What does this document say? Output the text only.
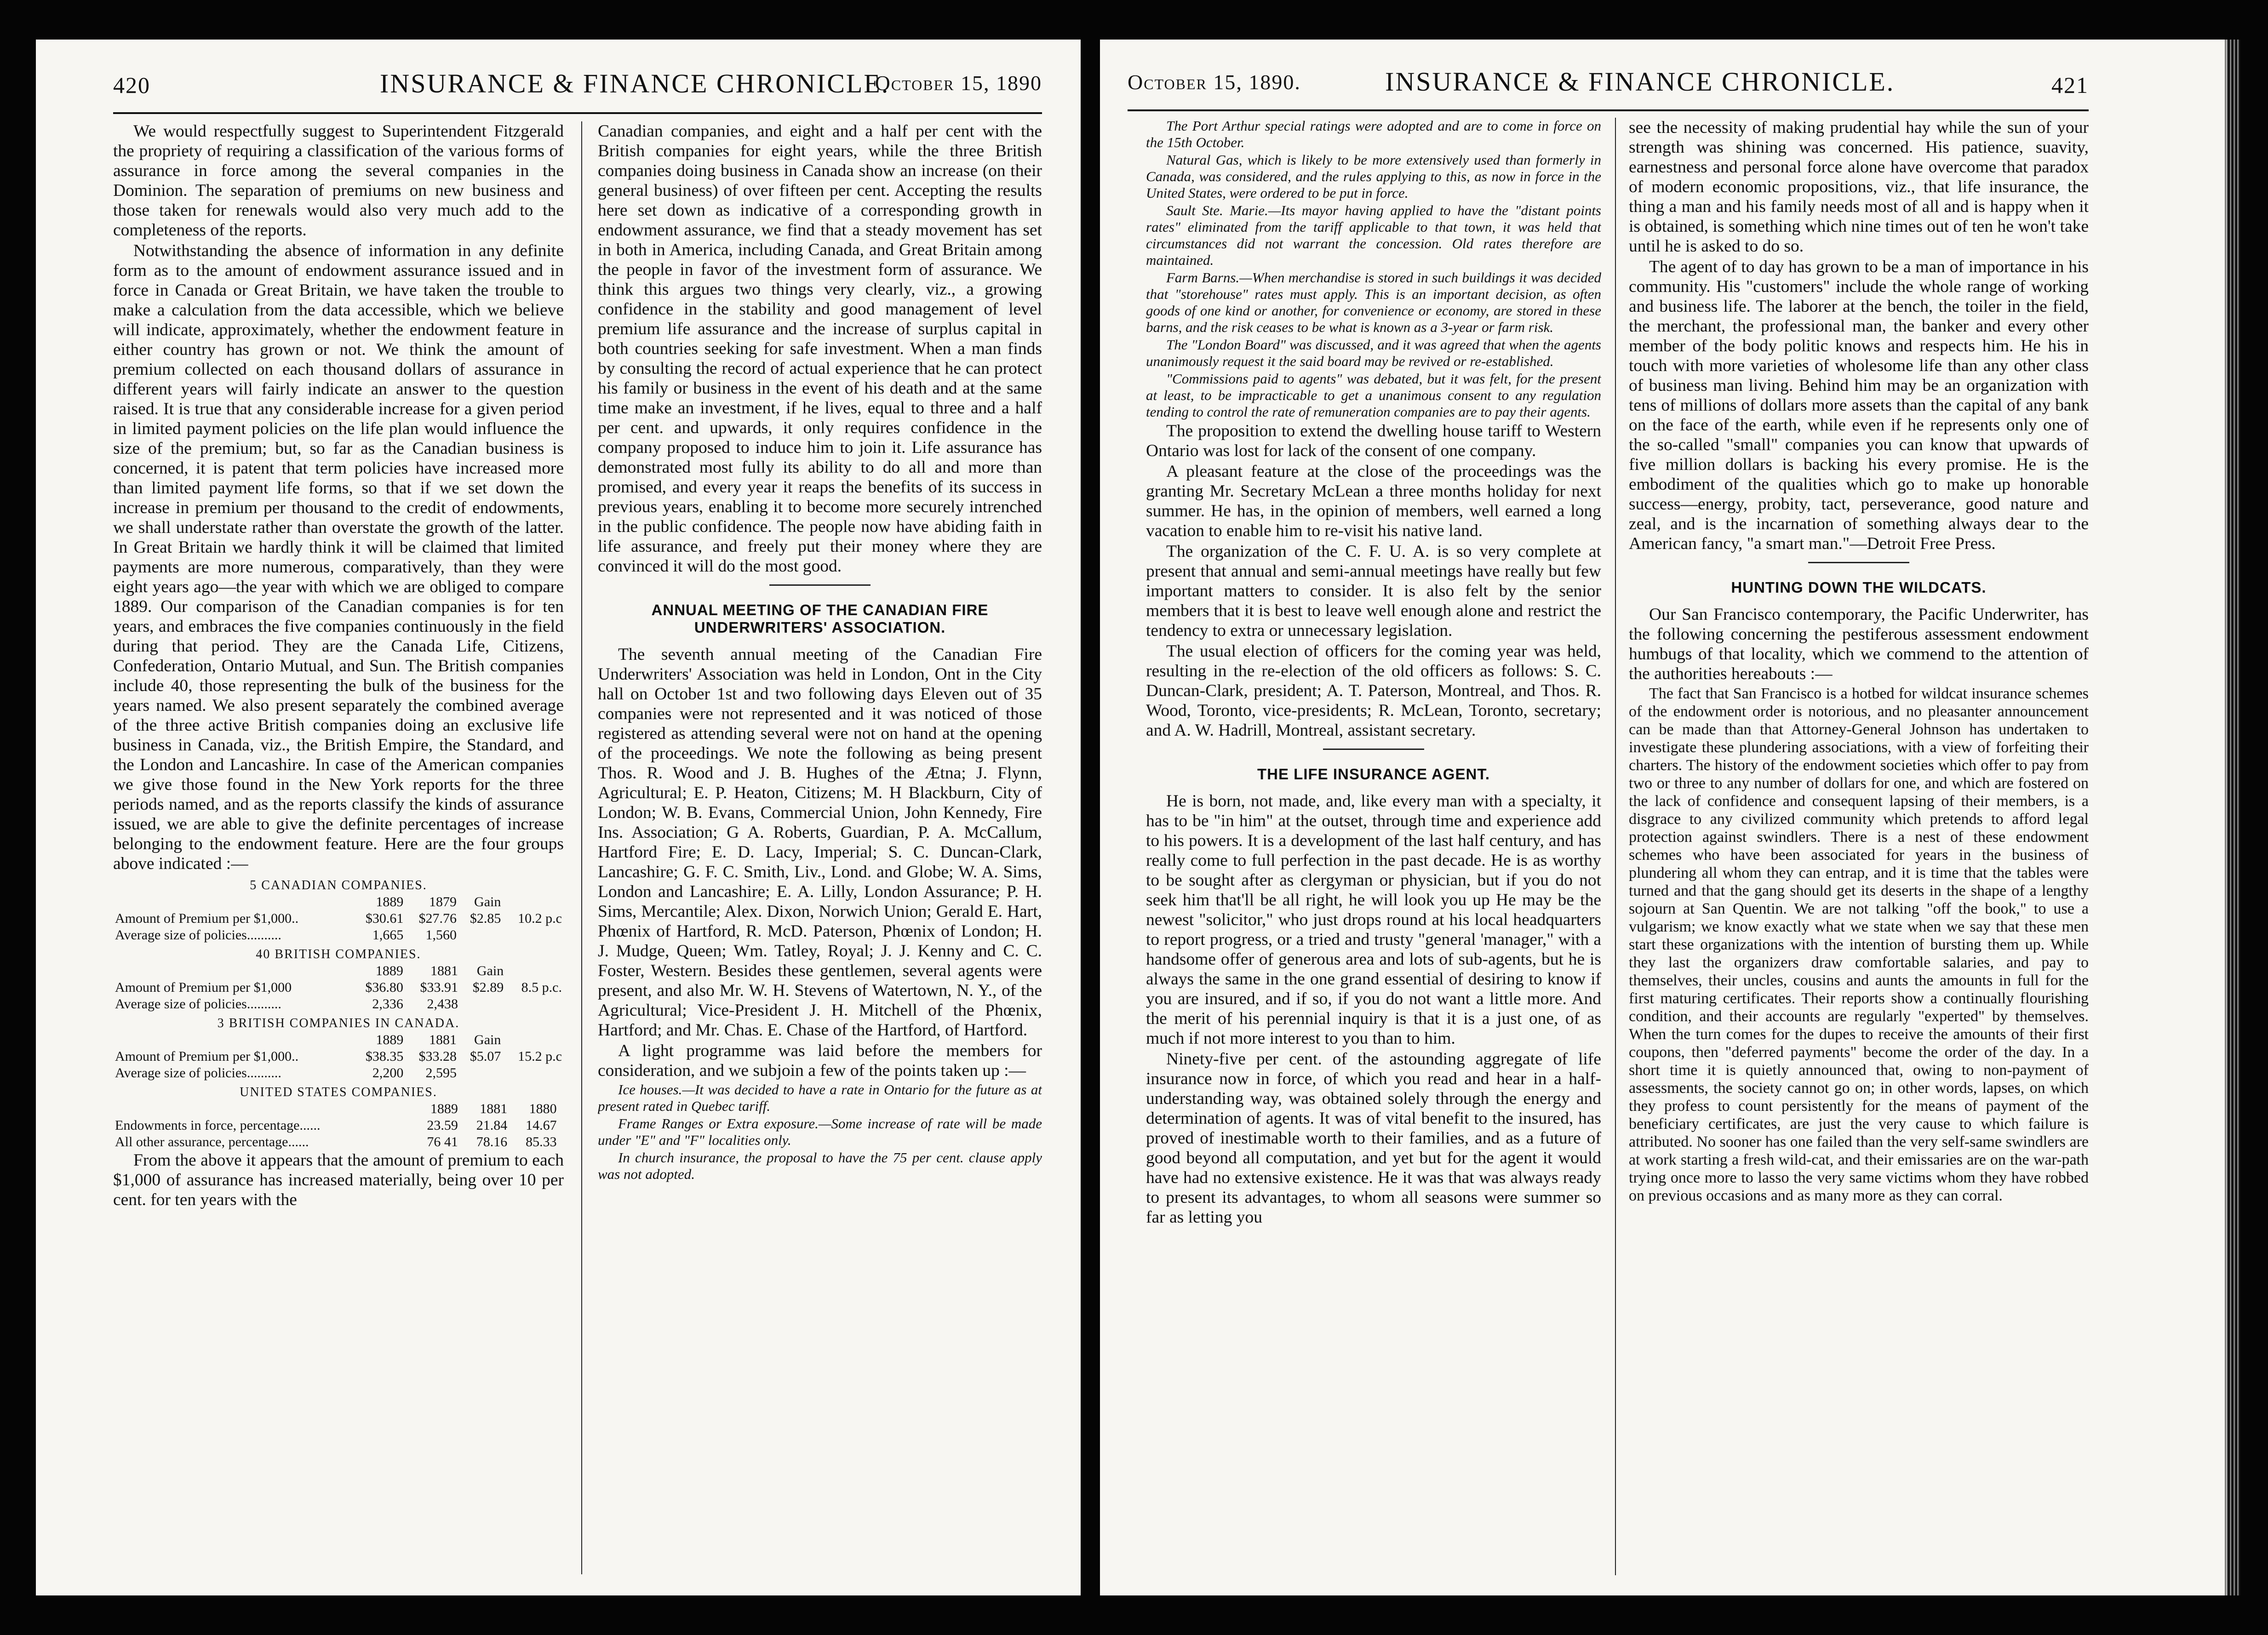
420	INSURANCE & FINANCE CHRONICLE.
October 15, 1890

We would respectfully suggest to Superintendent Fitzgerald the propriety of requiring a classification of the various forms of assurance in force among the several companies in the Dominion. The separation of premiums on new business and those taken for renewals would also very much add to the completeness of the reports.

Notwithstanding the absence of information in any definite form as to the amount of endowment assurance issued and in force in Canada or Great Britain, we have taken the trouble to make a calculation from the data accessible, which we believe will indicate, approximately, whether the endowment feature in either country has grown or not. We think the amount of premium collected on each thousand dollars of assurance in different years will fairly indicate an answer to the question raised. It is true that any considerable increase for a given period in limited payment policies on the life plan would influence the size of the premium; but, so far as the Canadian business is concerned, it is patent that term policies have increased more than limited payment life forms, so that if we set down the increase in premium per thousand to the credit of endowments, we shall understate rather than overstate the growth of the latter. In Great Britain we hardly think it will be claimed that limited payments are more numerous, comparatively, than they were eight years ago—the year with which we are obliged to compare 1889. Our comparison of the Canadian companies is for ten years, and embraces the five companies continuously in the field during that period. They are the Canada Life, Citizens, Confederation, Ontario Mutual, and Sun. The British companies include 40, those representing the bulk of the business for the years named. We also present separately the combined average of the three active British companies doing an exclusive life business in Canada, viz., the British Empire, the Standard, and the London and Lancashire. In case of the American companies we give those found in the New York reports for the three periods named, and as the reports classify the kinds of assurance issued, we are able to give the definite percentages of increase belonging to the endowment feature. Here are the four groups above indicated :—

5 CANADIAN COMPANIES.				
	1889	1879	Gain	
Amount of Premium per $1,000..	$30.61	$27.76	$2.85	10.2 p.c
Average size of policies..........	1,665	1,560		
40 BRITISH COMPANIES.				
	1889	1881	Gain	
Amount of Premium per $1,000	$36.80	$33.91	$2.89	8.5 p.c.
Average size of policies..........	2,336	2,438		
3 BRITISH COMPANIES IN CANADA.				
	1889	1881	Gain	
Amount of Premium per $1,000..	$38.35	$33.28	$5.07	15.2 p.c
Average size of policies..........	2,200	2,595		
UNITED STATES COMPANIES.				
	1889	1881	1880	
Endowments in force, percentage......	23.59	21.84	14.67	
All other assurance, percentage......	76 41	78.16	85.33	

From the above it appears that the amount of premium to each $1,000 of assurance has increased materially, being over 10 per cent. for ten years with the

Canadian companies, and eight and a half per cent with the British companies for eight years, while the three British companies doing business in Canada show an increase (on their general business) of over fifteen per cent. Accepting the results here set down as indicative of a corresponding growth in endowment assurance, we find that a steady movement has set in both in America, including Canada, and Great Britain among the people in favor of the investment form of assurance. We think this argues two things very clearly, viz., a growing confidence in the stability and good management of level premium life assurance and the increase of surplus capital in both countries seeking for safe investment. When a man finds by consulting the record of actual experience that he can protect his family or business in the event of his death and at the same time make an investment, if he lives, equal to three and a half per cent. and upwards, it only requires confidence in the company proposed to induce him to join it. Life assurance has demonstrated most fully its ability to do all and more than promised, and every year it reaps the benefits of its success in previous years, enabling it to become more securely intrenched in the public confidence. The people now have abiding faith in life assurance, and freely put their money where they are convinced it will do the most good.

ANNUAL MEETING OF THE CANADIAN FIRE UNDERWRITERS' ASSOCIATION.

The seventh annual meeting of the Canadian Fire Underwriters' Association was held in London, Ont in the City hall on October 1st and two following days Eleven out of 35 companies were not represented and it was noticed of those registered as attending several were not on hand at the opening of the proceedings. We note the following as being present Thos. R. Wood and J. B. Hughes of the Ætna; J. Flynn, Agricultural; E. P. Heaton, Citizens; M. H Blackburn, City of London; W. B. Evans, Commercial Union, John Kennedy, Fire Ins. Association; G A. Roberts, Guardian, P. A. McCallum, Hartford Fire; E. D. Lacy, Imperial; S. C. Duncan-Clark, Lancashire; G. F. C. Smith, Liv., Lond. and Globe; W. A. Sims, London and Lancashire; E. A. Lilly, London Assurance; P. H. Sims, Mercantile; Alex. Dixon, Norwich Union; Gerald E. Hart, Phœnix of Hartford, R. McD. Paterson, Phœnix of London; H. J. Mudge, Queen; Wm. Tatley, Royal; J. J. Kenny and C. C. Foster, Western. Besides these gentlemen, several agents were present, and also Mr. W. H. Stevens of Watertown, N. Y., of the Agricultural; Vice-President J. H. Mitchell of the Phœnix, Hartford; and Mr. Chas. E. Chase of the Hartford, of Hartford.

A light programme was laid before the members for consideration, and we subjoin a few of the points taken up :—

Ice houses.—It was decided to have a rate in Ontario for the future as at present rated in Quebec tariff.

Frame Ranges or Extra exposure.—Some increase of rate will be made under "E" and "F" localities only.

In church insurance, the proposal to have the 75 per cent. clause apply was not adopted.

October 15, 1890.	INSURANCE & FINANCE CHRONICLE.	421

The Port Arthur special ratings were adopted and are to come in force on the 15th October.

Natural Gas, which is likely to be more extensively used than formerly in Canada, was considered, and the rules applying to this, as now in force in the United States, were ordered to be put in force.

Sault Ste. Marie.—Its mayor having applied to have the "distant points rates" eliminated from the tariff applicable to that town, it was held that circumstances did not warrant the concession. Old rates therefore are maintained.

Farm Barns.—When merchandise is stored in such buildings it was decided that "storehouse" rates must apply. This is an important decision, as often goods of one kind or another, for convenience or economy, are stored in these barns, and the risk ceases to be what is known as a 3-year or farm risk.

The "London Board" was discussed, and it was agreed that when the agents unanimously request it the said board may be revived or re-established.

"Commissions paid to agents" was debated, but it was felt, for the present at least, to be impracticable to get a unanimous consent to any regulation tending to control the rate of remuneration companies are to pay their agents.

The proposition to extend the dwelling house tariff to Western Ontario was lost for lack of the consent of one company.

A pleasant feature at the close of the proceedings was the granting Mr. Secretary McLean a three months holiday for next summer. He has, in the opinion of members, well earned a long vacation to enable him to re-visit his native land.

The organization of the C. F. U. A. is so very complete at present that annual and semi-annual meetings have really but few important matters to consider. It is also felt by the senior members that it is best to leave well enough alone and restrict the tendency to extra or unnecessary legislation.

The usual election of officers for the coming year was held, resulting in the re-election of the old officers as follows: S. C. Duncan-Clark, president; A. T. Paterson, Montreal, and Thos. R. Wood, Toronto, vice-presidents; R. McLean, Toronto, secretary; and A. W. Hadrill, Montreal, assistant secretary.

THE LIFE INSURANCE AGENT.

He is born, not made, and, like every man with a specialty, it has to be "in him" at the outset, through time and experience add to his powers. It is a development of the last half century, and has really come to full perfection in the past decade. He is as worthy to be sought after as clergyman or physician, but if you do not seek him that'll be all right, he will look you up He may be the newest "solicitor," who just drops round at his local headquarters to report progress, or a tried and trusty "general 'manager," with a handsome offer of generous area and lots of sub-agents, but he is always the same in the one grand essential of desiring to know if you are insured, and if so, if you do not want a little more. And the merit of his perennial inquiry is that it is a just one, of as much if not more interest to you than to him.

Ninety-five per cent. of the astounding aggregate of life insurance now in force, of which you read and hear in a half-understanding way, was obtained solely through the energy and determination of agents. It was of vital benefit to the insured, has proved of inestimable worth to their families, and as a future of good beyond all computation, and yet but for the agent it would have had no extensive existence. He it was that was always ready to present its advantages, to whom all seasons were summer so far as letting you

see the necessity of making prudential hay while the sun of your strength was shining was concerned. His patience, suavity, earnestness and personal force alone have overcome that paradox of modern economic propositions, viz., that life insurance, the thing a man and his family needs most of all and is happy when it is obtained, is something which nine times out of ten he won't take until he is asked to do so.

The agent of to day has grown to be a man of importance in his community. His "customers" include the whole range of working and business life. The laborer at the bench, the toiler in the field, the merchant, the professional man, the banker and every other member of the body politic knows and respects him. He his in touch with more varieties of wholesome life than any other class of business man living. Behind him may be an organization with tens of millions of dollars more assets than the capital of any bank on the face of the earth, while even if he represents only one of the so-called "small" companies you can know that upwards of five million dollars is backing his every promise. He is the embodiment of the qualities which go to make up honorable success—energy, probity, tact, perseverance, good nature and zeal, and is the incarnation of something always dear to the American fancy, "a smart man."—Detroit Free Press.

HUNTING DOWN THE WILDCATS.

Our San Francisco contemporary, the Pacific Underwriter, has the following concerning the pestiferous assessment endowment humbugs of that locality, which we commend to the attention of the authorities hereabouts :—

The fact that San Francisco is a hotbed for wildcat insurance schemes of the endowment order is notorious, and no pleasanter announcement can be made than that Attorney-General Johnson has undertaken to investigate these plundering associations, with a view of forfeiting their charters. The history of the endowment societies which offer to pay from two or three to any number of dollars for one, and which are fostered on the lack of confidence and consequent lapsing of their members, is a disgrace to any civilized community which pretends to afford legal protection against swindlers. There is a nest of these endowment schemes who have been associated for years in the business of plundering all whom they can entrap, and it is time that the tables were turned and that the gang should get its deserts in the shape of a lengthy sojourn at San Quentin. We are not talking "off the book," to use a vulgarism; we know exactly what we state when we say that these men start these organizations with the intention of bursting them up. While they last the organizers draw comfortable salaries, and pay to themselves, their uncles, cousins and aunts the amounts in full for the first maturing certificates. Their reports show a continually flourishing condition, and their accounts are regularly "experted" by themselves. When the turn comes for the dupes to receive the amounts of their first coupons, then "deferred payments" become the order of the day. In a short time it is quietly announced that, owing to non-payment of assessments, the society cannot go on; in other words, lapses, on which they profess to count persistently for the means of payment of the beneficiary certificates, are just the very cause to which failure is attributed. No sooner has one failed than the very self-same swindlers are at work starting a fresh wild-cat, and their emissaries are on the war-path trying once more to lasso the very same victims whom they have robbed on previous occasions and as many more as they can corral.
